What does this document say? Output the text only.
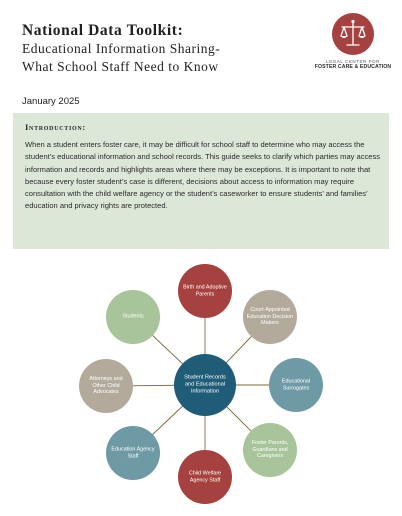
National Data Toolkit:
Educational Information Sharing-
What School Staff Need to Know	LEGAL CENTER FOR
FOSTER CARE & EDUCATION
January 2025
Introduction:
When a student enters foster care, it may be difficult for school staff to determine who may access the student’s educational information and school records. This guide seeks to clarify which parties may access information and records and highlights areas where there may be exceptions. It is important to note that because every foster student’s case is different, decisions about access to information may require consultation with the child welfare agency or the student’s caseworker to ensure students’ and families’ education and privacy rights are protected.
Student Records and Educational Information
Birth and Adoptive Parents
Court-Appointed Education Decision Makers
Educational Surrogates
Foster Parents, Guardians and Caregivers
Child Welfare Agency Staff
Education Agency Staff
Attorneys and Other Child Advocates
Students
